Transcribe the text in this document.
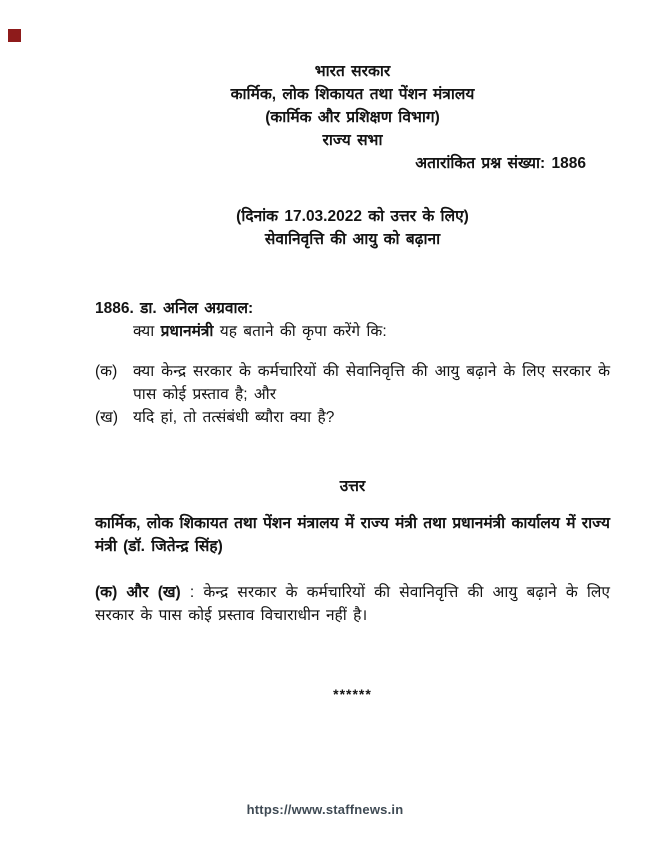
भारत सरकार
कार्मिक, लोक शिकायत तथा पेंशन मंत्रालय
(कार्मिक और प्रशिक्षण विभाग)
राज्य सभा
अतारांकित प्रश्न संख्या: 1886
(दिनांक 17.03.2022 को उत्तर के लिए)
सेवानिवृत्ति की आयु को बढ़ाना
1886. डा. अनिल अग्रवाल:
क्या प्रधानमंत्री यह बताने की कृपा करेंगे कि:
(क)	क्या केन्द्र सरकार के कर्मचारियों की सेवानिवृत्ति की आयु बढ़ाने के लिए सरकार के पास कोई प्रस्ताव है; और
(ख) यदि हां, तो तत्संबंधी ब्यौरा क्या है?
उत्तर
कार्मिक, लोक शिकायत तथा पेंशन मंत्रालय में राज्य मंत्री तथा प्रधानमंत्री कार्यालय में राज्य मंत्री (डॉ. जितेन्द्र सिंह)
(क) और (ख) : केन्द्र सरकार के कर्मचारियों की सेवानिवृत्ति की आयु बढ़ाने के लिए सरकार के पास कोई प्रस्ताव विचाराधीन नहीं है।
******
https://www.staffnews.in
